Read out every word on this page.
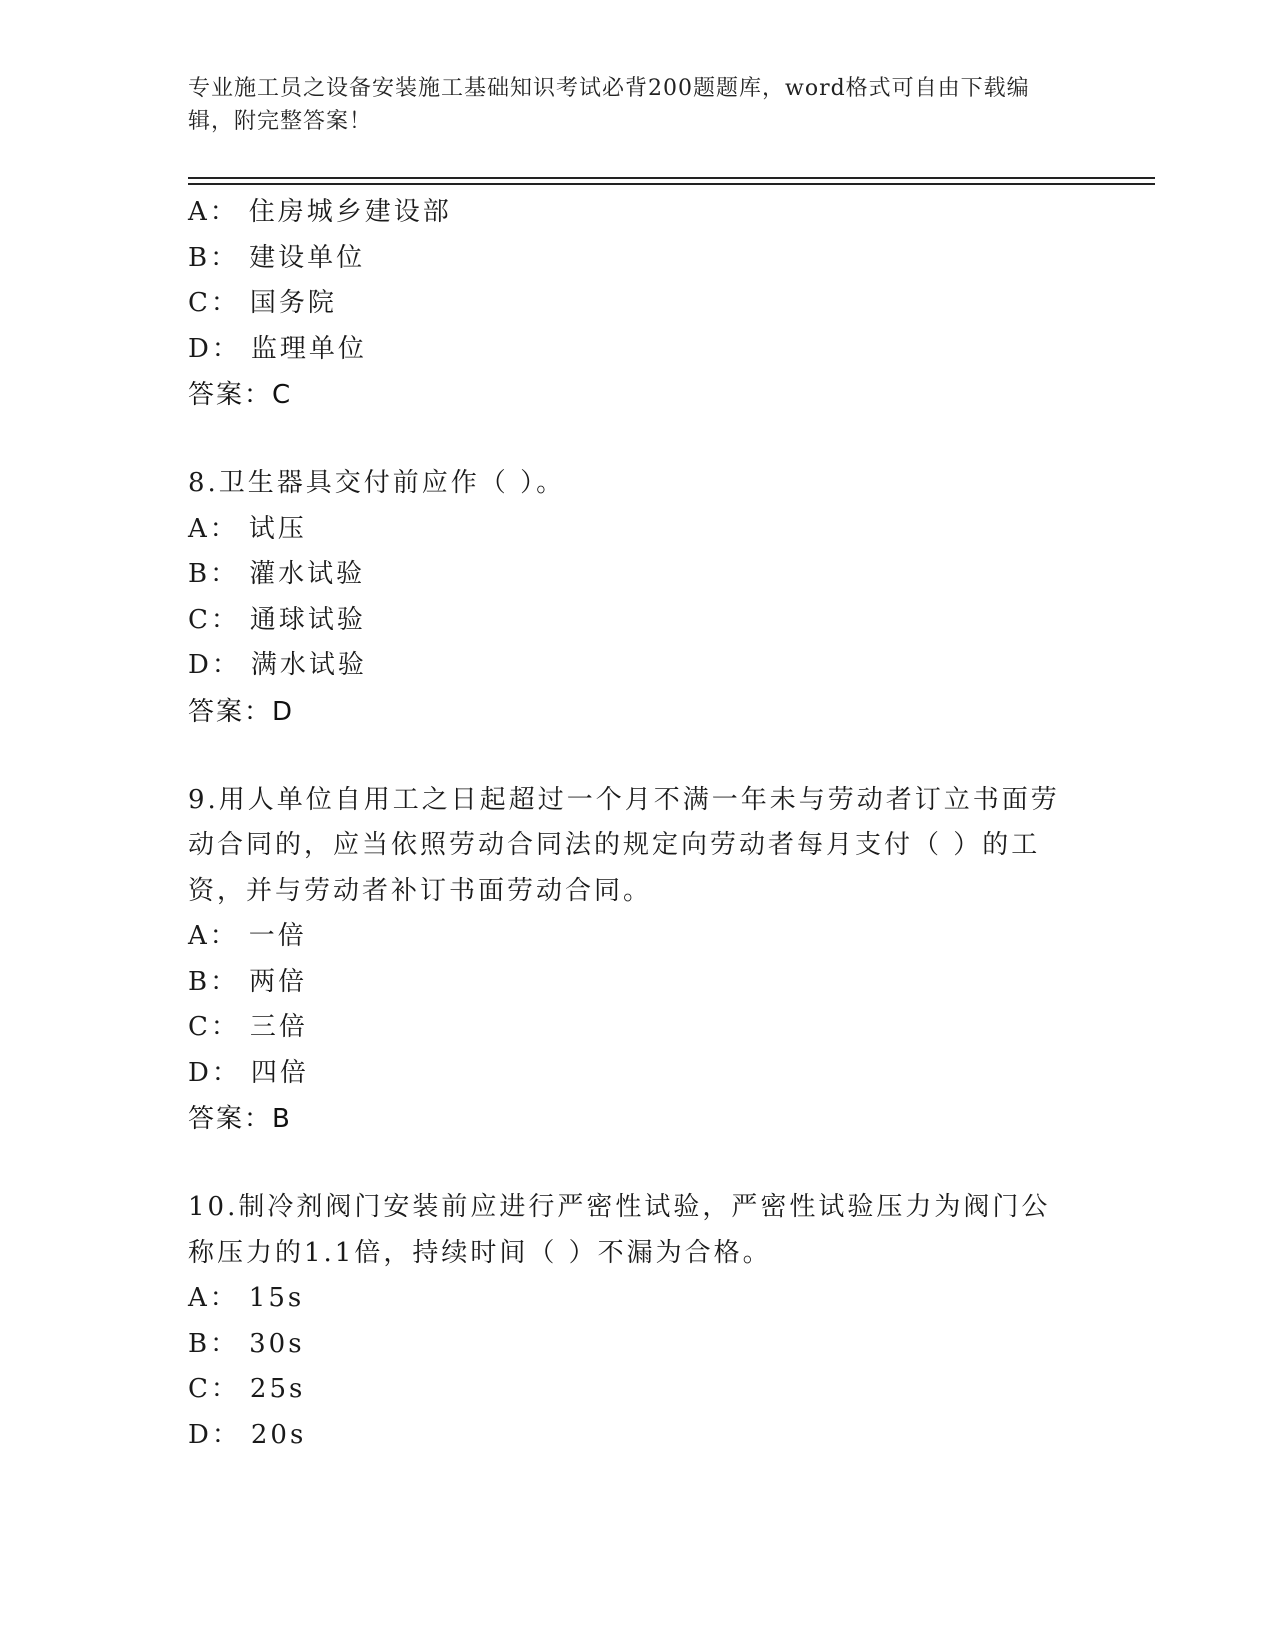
专业施工员之设备安装施工基础知识考试必背200题题库，word格式可自由下载编辑，附完整答案！
A： 住房城乡建设部
B： 建设单位
C： 国务院
D： 监理单位
答案：C
8.卫生器具交付前应作（ ）。
A： 试压
B： 灌水试验
C： 通球试验
D： 满水试验
答案：D
9.用人单位自用工之日起超过一个月不满一年未与劳动者订立书面劳动合同的，应当依照劳动合同法的规定向劳动者每月支付（ ）的工资，并与劳动者补订书面劳动合同。
A： 一倍
B： 两倍
C： 三倍
D： 四倍
答案：B
10.制冷剂阀门安装前应进行严密性试验，严密性试验压力为阀门公称压力的1.1倍，持续时间（ ）不漏为合格。
A： 15s
B： 30s
C： 25s
D： 20s
